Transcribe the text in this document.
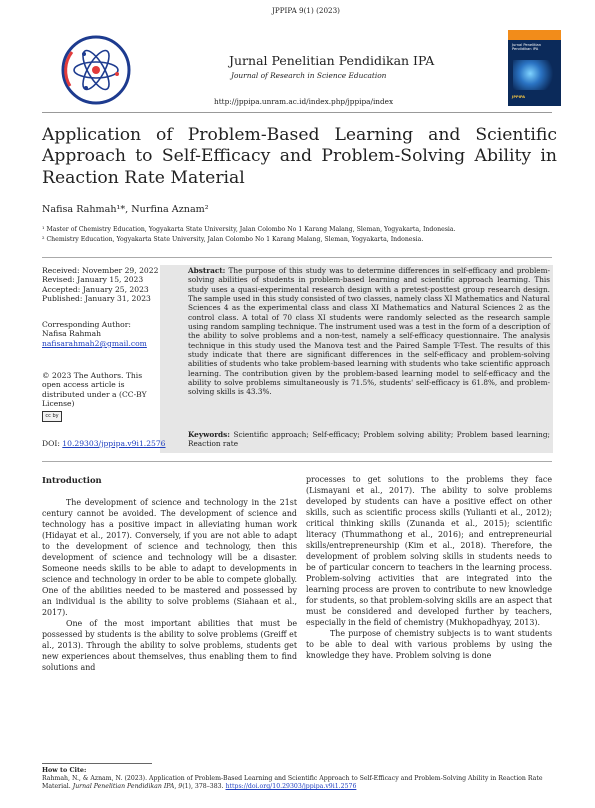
JPPIPA 9(1) (2023)
Jurnal Penelitian Pendidikan IPA
JPPIPA
Jurnal Penelitian Pendidikan IPA
Journal of Research in Science Education
http://jppipa.unram.ac.id/index.php/jppipa/index
Application of Problem-Based Learning and Scientific Approach to Self-Efficacy and Problem-Solving Ability in Reaction Rate Material
Nafisa Rahmah¹*, Nurfina Aznam²
¹ Master of Chemistry Education, Yogyakarta State University, Jalan Colombo No 1 Karang Malang, Sleman, Yogyakarta, Indonesia.
² Chemistry Education, Yogyakarta State University, Jalan Colombo No 1 Karang Malang, Sleman, Yogyakarta, Indonesia.
Received: November 29, 2022
Revised: January 15, 2023
Accepted: January 25, 2023
Published: January 31, 2023
Corresponding Author:
Nafisa Rahmah
nafisarahmah2@gmail.com
© 2023 The Authors. This open access article is distributed under a (CC-BY License)
cc by
Abstract: The purpose of this study was to determine differences in self-efficacy and problem-solving abilities of students in problem-based learning and scientific approach learning. This study uses a quasi-experimental research design with a pretest-posttest group research design. The sample used in this study consisted of two classes, namely class XI Mathematics and Natural Sciences 4 as the experimental class and class XI Mathematics and Natural Sciences 2 as the control class. A total of 70 class XI students were randomly selected as the research sample using random sampling technique. The instrument used was a test in the form of a description of the ability to solve problems and a non-test, namely a self-efficacy questionnaire. The analysis technique in this study used the Manova test and the Paired Sample T-Test. The results of this study indicate that there are significant differences in the self-efficacy and problem-solving abilities of students who take problem-based learning with students who take scientific approach learning. The contribution given by the problem-based learning model to self-efficacy and the ability to solve problems simultaneously is 71.5%, students' self-efficacy is 61.8%, and problem-solving skills is 43.3%.
Keywords: Scientific approach; Self-efficacy; Problem solving ability; Problem based learning; Reaction rate
DOI: 10.29303/jppipa.v9i1.2576
Introduction

The development of science and technology in the 21st century cannot be avoided. The development of science and technology has a positive impact in alleviating human work (Hidayat et al., 2017). Conversely, if you are not able to adapt to the development of science and technology, then this development of science and technology will be a disaster. Someone needs skills to be able to adapt to developments in science and technology in order to be able to compete globally. One of the abilities needed to be mastered and possessed by an individual is the ability to solve problems (Siahaan et al., 2017).

One of the most important abilities that must be possessed by students is the ability to solve problems (Greiff et al., 2013). Through the ability to solve problems, students get new experiences about themselves, thus enabling them to find solutions and

processes to get solutions to the problems they face (Lismayani et al., 2017). The ability to solve problems developed by students can have a positive effect on other skills, such as scientific process skills (Yulianti et al., 2012); critical thinking skills (Zunanda et al., 2015); scientific literacy (Thummathong et al., 2016); and entrepreneurial skills/entrepreneurship (Kim et al., 2018). Therefore, the development of problem solving skills in students needs to be of particular concern to teachers in the learning process. Problem-solving activities that are integrated into the learning process are proven to contribute to new knowledge for students, so that problem-solving skills are an aspect that must be considered and developed further by teachers, especially in the field of chemistry (Mukhopadhyay, 2013).

The purpose of chemistry subjects is to want students to be able to deal with various problems by using the knowledge they have. Problem solving is done

How to Cite:
Rahmah, N., & Aznam, N. (2023). Application of Problem-Based Learning and Scientific Approach to Self-Efficacy and Problem-Solving Ability in Reaction Rate Material. Jurnal Penelitian Pendidikan IPA, 9(1), 378–383. https://doi.org/10.29303/jppipa.v9i1.2576
